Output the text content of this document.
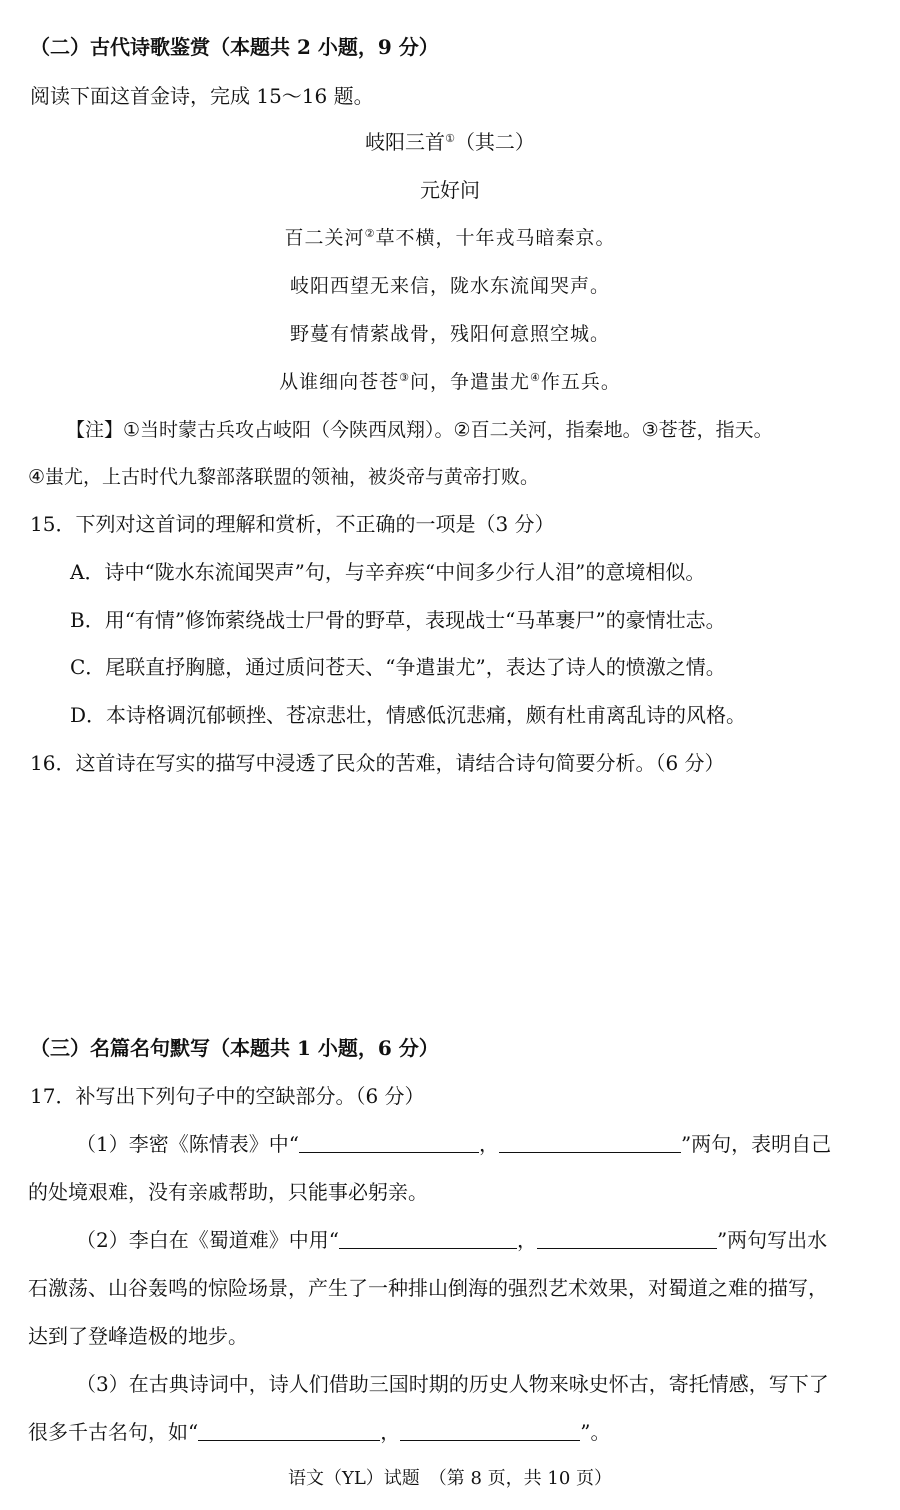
（二）古代诗歌鉴赏（本题共 2 小题，9 分）
阅读下面这首金诗，完成 15～16 题。
岐阳三首①（其二）
元好问
百二关河②草不横，十年戎马暗秦京。
岐阳西望无来信，陇水东流闻哭声。
野蔓有情萦战骨，残阳何意照空城。
从谁细向苍苍③问，争遣蚩尤④作五兵。
【注】①当时蒙古兵攻占岐阳（今陕西凤翔）。②百二关河，指秦地。③苍苍，指天。
④蚩尤，上古时代九黎部落联盟的领袖，被炎帝与黄帝打败。
15．下列对这首词的理解和赏析，不正确的一项是（3 分）
A．诗中“陇水东流闻哭声”句，与辛弃疾“中间多少行人泪”的意境相似。
B．用“有情”修饰萦绕战士尸骨的野草，表现战士“马革裹尸”的豪情壮志。
C．尾联直抒胸臆，通过质问苍天、“争遣蚩尤”，表达了诗人的愤激之情。
D．本诗格调沉郁顿挫、苍凉悲壮，情感低沉悲痛，颇有杜甫离乱诗的风格。
16．这首诗在写实的描写中浸透了民众的苦难，请结合诗句简要分析。（6 分）
（三）名篇名句默写（本题共 1 小题，6 分）
17．补写出下列句子中的空缺部分。（6 分）
（1）李密《陈情表》中“	，	”两句，表明自己
的处境艰难，没有亲戚帮助，只能事必躬亲。
（2）李白在《蜀道难》中用“	，	”两句写出水
石激荡、山谷轰鸣的惊险场景，产生了一种排山倒海的强烈艺术效果，对蜀道之难的描写，
达到了登峰造极的地步。
（3）在古典诗词中，诗人们借助三国时期的历史人物来咏史怀古，寄托情感，写下了
很多千古名句，如“	，	”。
语文（YL）试题　（第 8 页，共 10 页）
